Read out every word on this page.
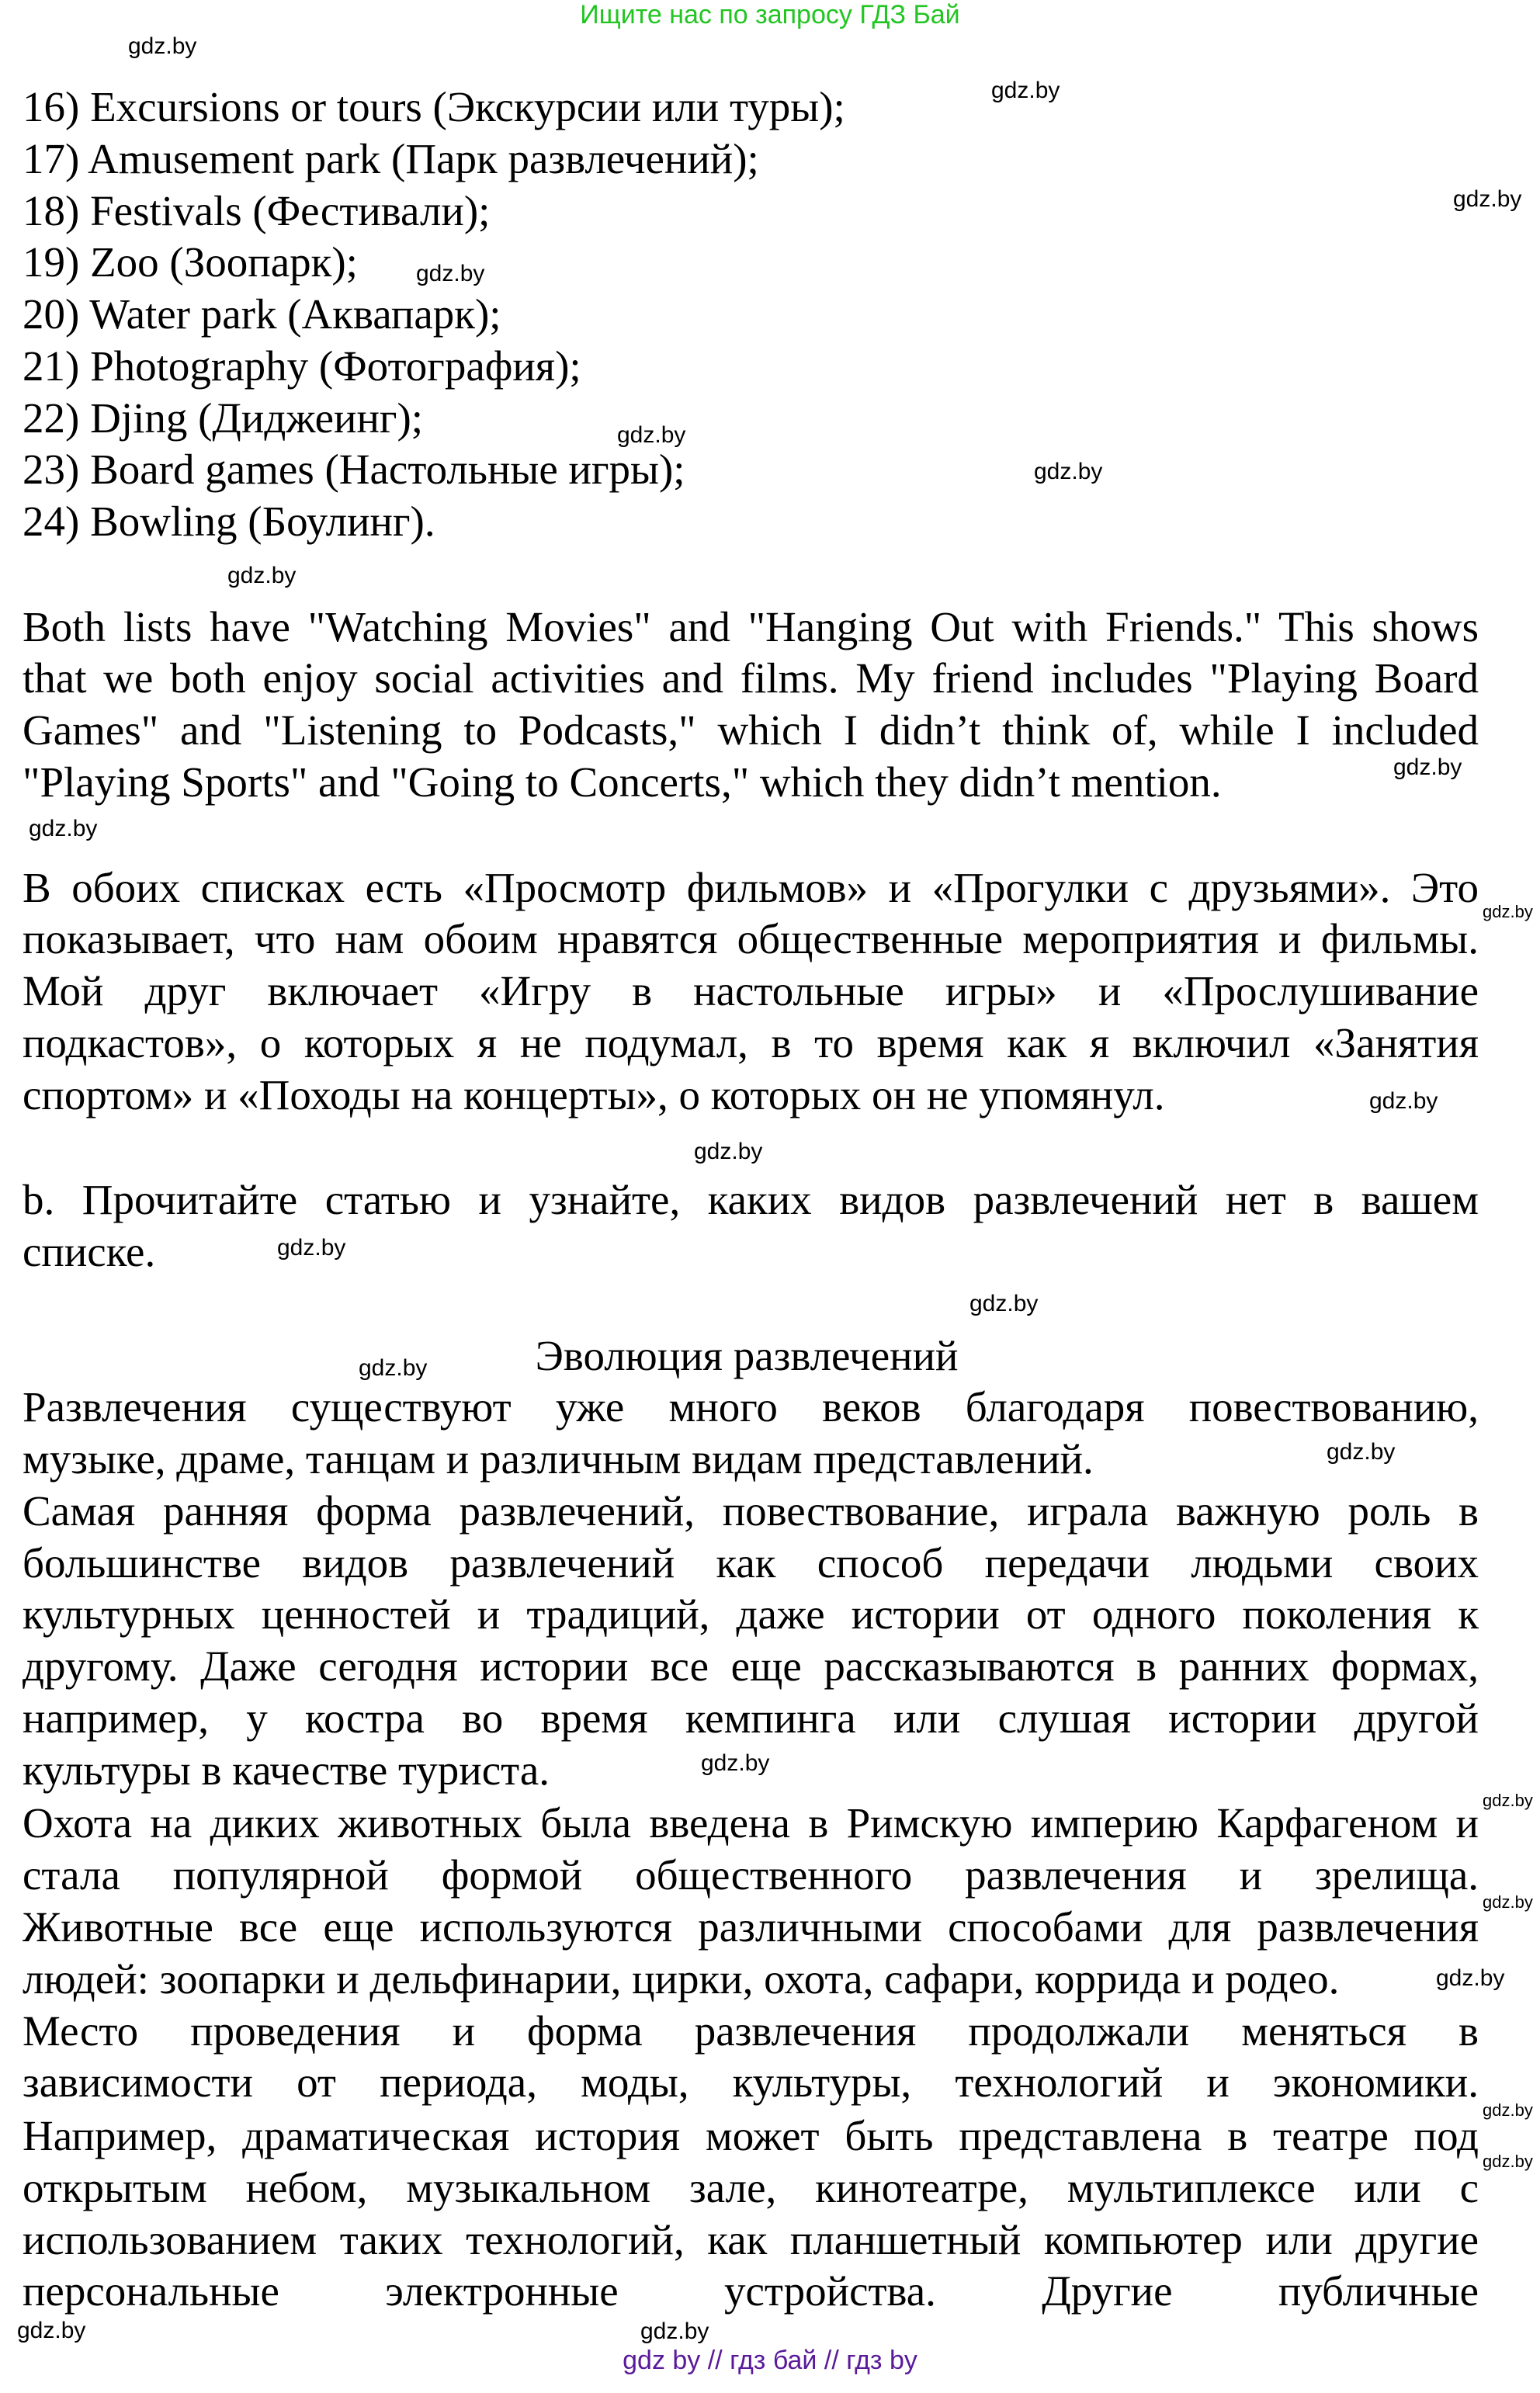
Ищите нас по запросу ГДЗ Бай
16) Excursions or tours (Экскурсии или туры);
17) Amusement park (Парк развлечений);
18) Festivals (Фестивали);
19) Zoo (Зоопарк);
20) Water park (Аквапарк);
21) Photography (Фотография);
22) Djing (Диджеинг);
23) Board games (Настольные игры);
24) Bowling (Боулинг).
Both lists have "Watching Movies" and "Hanging Out with Friends." This shows
that we both enjoy social activities and films. My friend includes "Playing Board
Games" and "Listening to Podcasts," which I didn’t think of, while I included
"Playing Sports" and "Going to Concerts," which they didn’t mention.
В обоих списках есть «Просмотр фильмов» и «Прогулки с друзьями». Это
показывает, что нам обоим нравятся общественные мероприятия и фильмы.
Мой друг включает «Игру в настольные игры» и «Прослушивание
подкастов», о которых я не подумал, в то время как я включил «Занятия
спортом» и «Походы на концерты», о которых он не упомянул.
b. Прочитайте статью и узнайте, каких видов развлечений нет в вашем
списке.
Эволюция развлечений
Развлечения существуют уже много веков благодаря повествованию,
музыке, драме, танцам и различным видам представлений.
Самая ранняя форма развлечений, повествование, играла важную роль в
большинстве видов развлечений как способ передачи людьми своих
культурных ценностей и традиций, даже истории от одного поколения к
другому. Даже сегодня истории все еще рассказываются в ранних формах,
например, у костра во время кемпинга или слушая истории другой
культуры в качестве туриста.
Охота на диких животных была введена в Римскую империю Карфагеном и
стала популярной формой общественного развлечения и зрелища.
Животные все еще используются различными способами для развлечения
людей: зоопарки и дельфинарии, цирки, охота, сафари, коррида и родео.
Место проведения и форма развлечения продолжали меняться в
зависимости от периода, моды, культуры, технологий и экономики.
Например, драматическая история может быть представлена в театре под
открытым небом, музыкальном зале, кинотеатре, мультиплексе или с
использованием таких технологий, как планшетный компьютер или другие
персональные электронные устройства. Другие публичные
gdz.by
gdz.by
gdz.by
gdz.by
gdz.by
gdz.by
gdz.by
gdz.by
gdz.by
gdz.by
gdz.by
gdz.by
gdz.by
gdz.by
gdz.by
gdz.by
gdz.by
gdz.by
gdz.by
gdz.by
gdz.by
gdz.by
gdz.by
gdz.by
gdz by // гдз бай // гдз by
